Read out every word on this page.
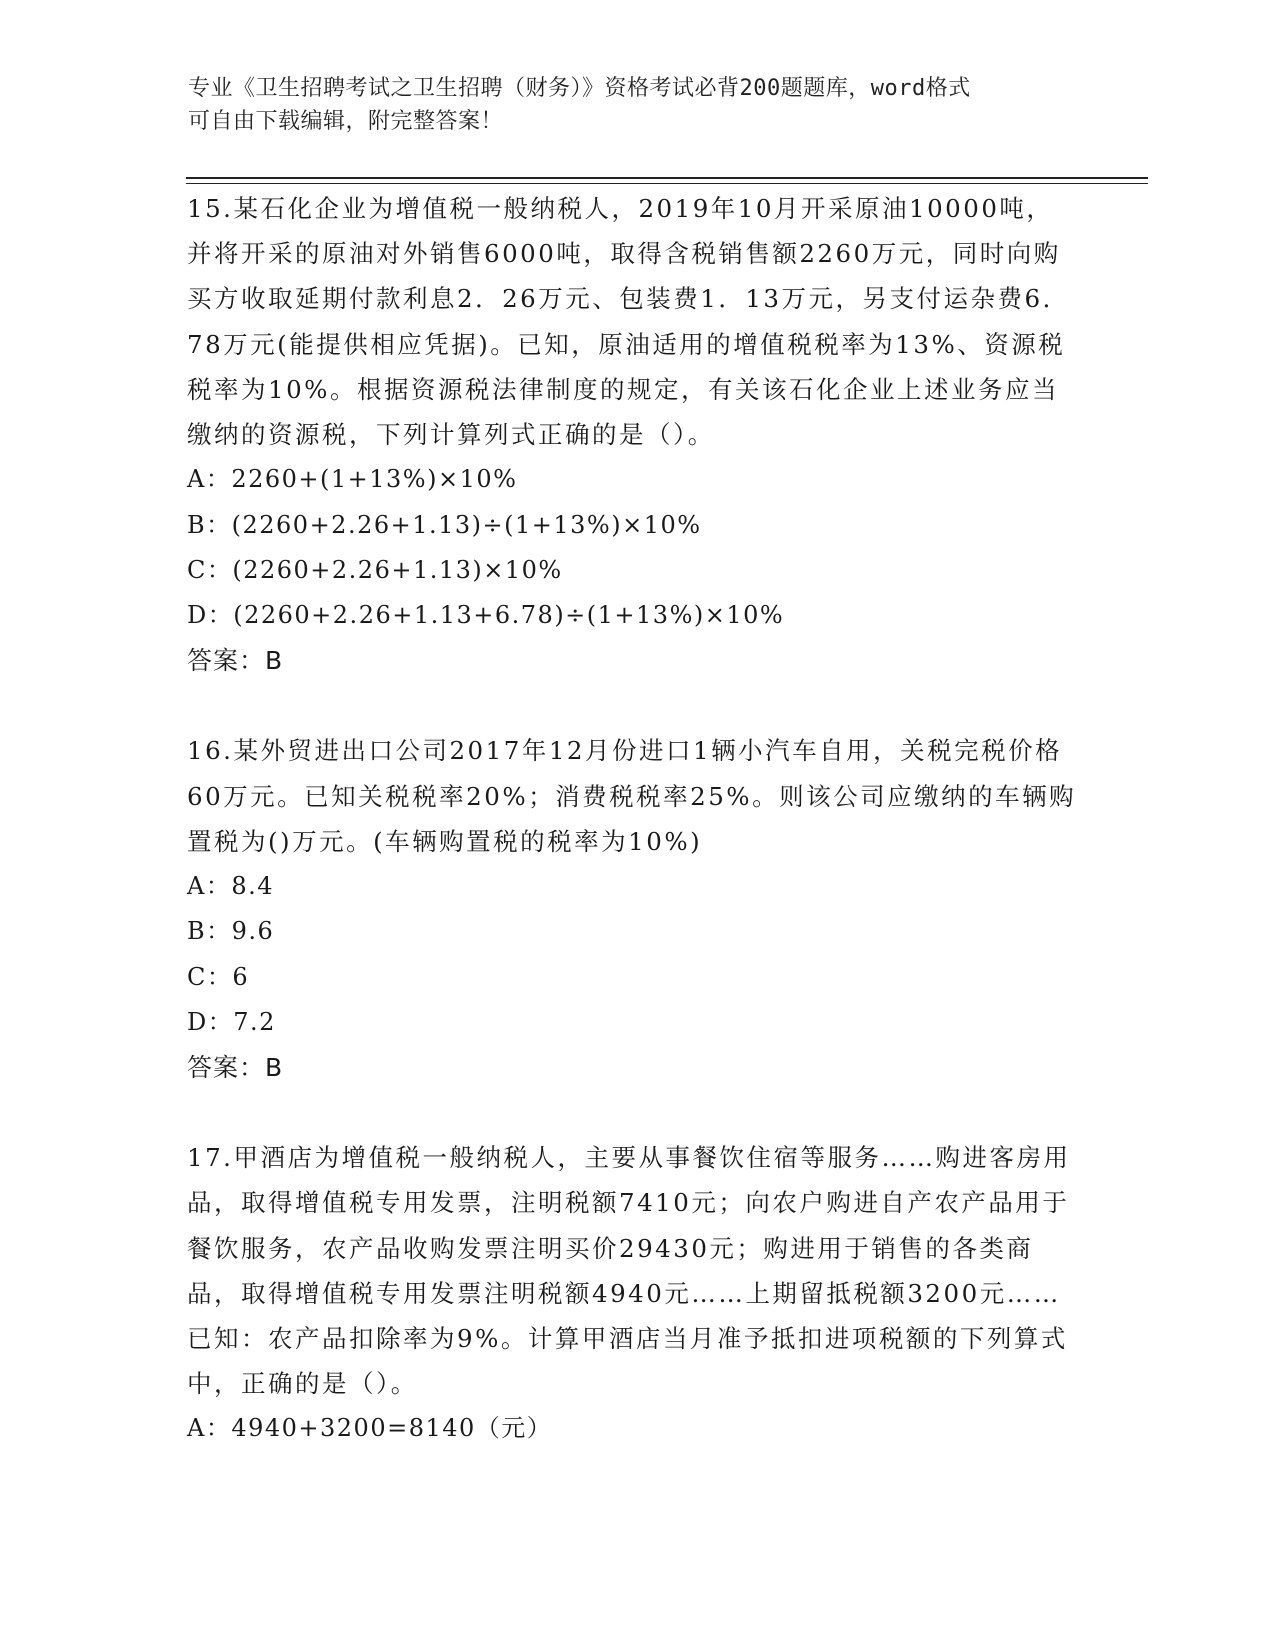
专业《卫生招聘考试之卫生招聘（财务）》资格考试必背200题题库，word格式
可自由下载编辑，附完整答案！

15.某石化企业为增值税一般纳税人，2019年10月开采原油10000吨，并将开采的原油对外销售6000吨，取得含税销售额2260万元，同时向购买方收取延期付款利息2．26万元、包装费1．13万元，另支付运杂费6．78万元(能提供相应凭据)。已知，原油适用的增值税税率为13%、资源税税率为10%。根据资源税法律制度的规定，有关该石化企业上述业务应当缴纳的资源税，下列计算列式正确的是（）。

A：2260+(1+13%)×10%

B：(2260+2.26+1.13)÷(1+13%)×10%

C：(2260+2.26+1.13)×10%

D：(2260+2.26+1.13+6.78)÷(1+13%)×10%

答案：B

16.某外贸进出口公司2017年12月份进口1辆小汽车自用，关税完税价格60万元。已知关税税率20%；消费税税率25%。则该公司应缴纳的车辆购置税为()万元。(车辆购置税的税率为10%)

A：8.4

B：9.6

C：6

D：7.2

答案：B

17.甲酒店为增值税一般纳税人，主要从事餐饮住宿等服务……购进客房用品，取得增值税专用发票，注明税额7410元；向农户购进自产农产品用于餐饮服务，农产品收购发票注明买价29430元；购进用于销售的各类商品，取得增值税专用发票注明税额4940元……上期留抵税额3200元……已知：农产品扣除率为9%。计算甲酒店当月准予抵扣进项税额的下列算式中，正确的是（）。

A：4940+3200=8140（元）
